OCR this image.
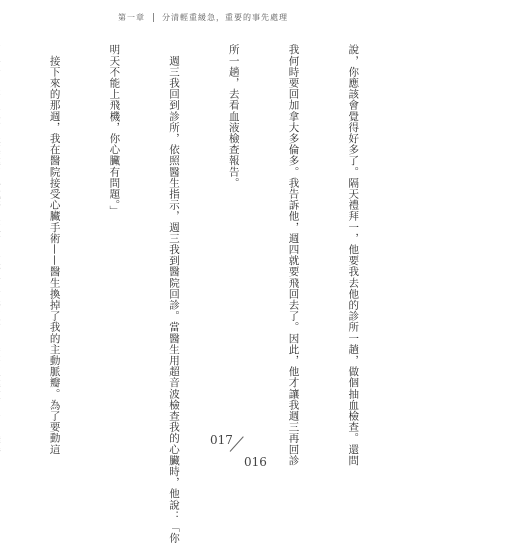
第一章 分清輕重緩急，重要的事先處理

說，你應該會覺得好多了。隔天禮拜一，他要我去他的診所一趟，做個抽血檢查。還問

我何時要回加拿大多倫多。我告訴他，週四就要飛回去了。因此，他才讓我週三再回診

所一趟，去看血液檢查報告。

　週三我回到診所，依照醫生指示，週三我到醫院回診。當醫生用超音波檢查我的心臟時，他說：「你

明天不能上飛機，你心臟有問題。」

　接下來的那週，我在醫院接受心臟手術——醫生換掉了我的主動脈瓣。為了要動這

	017
016
